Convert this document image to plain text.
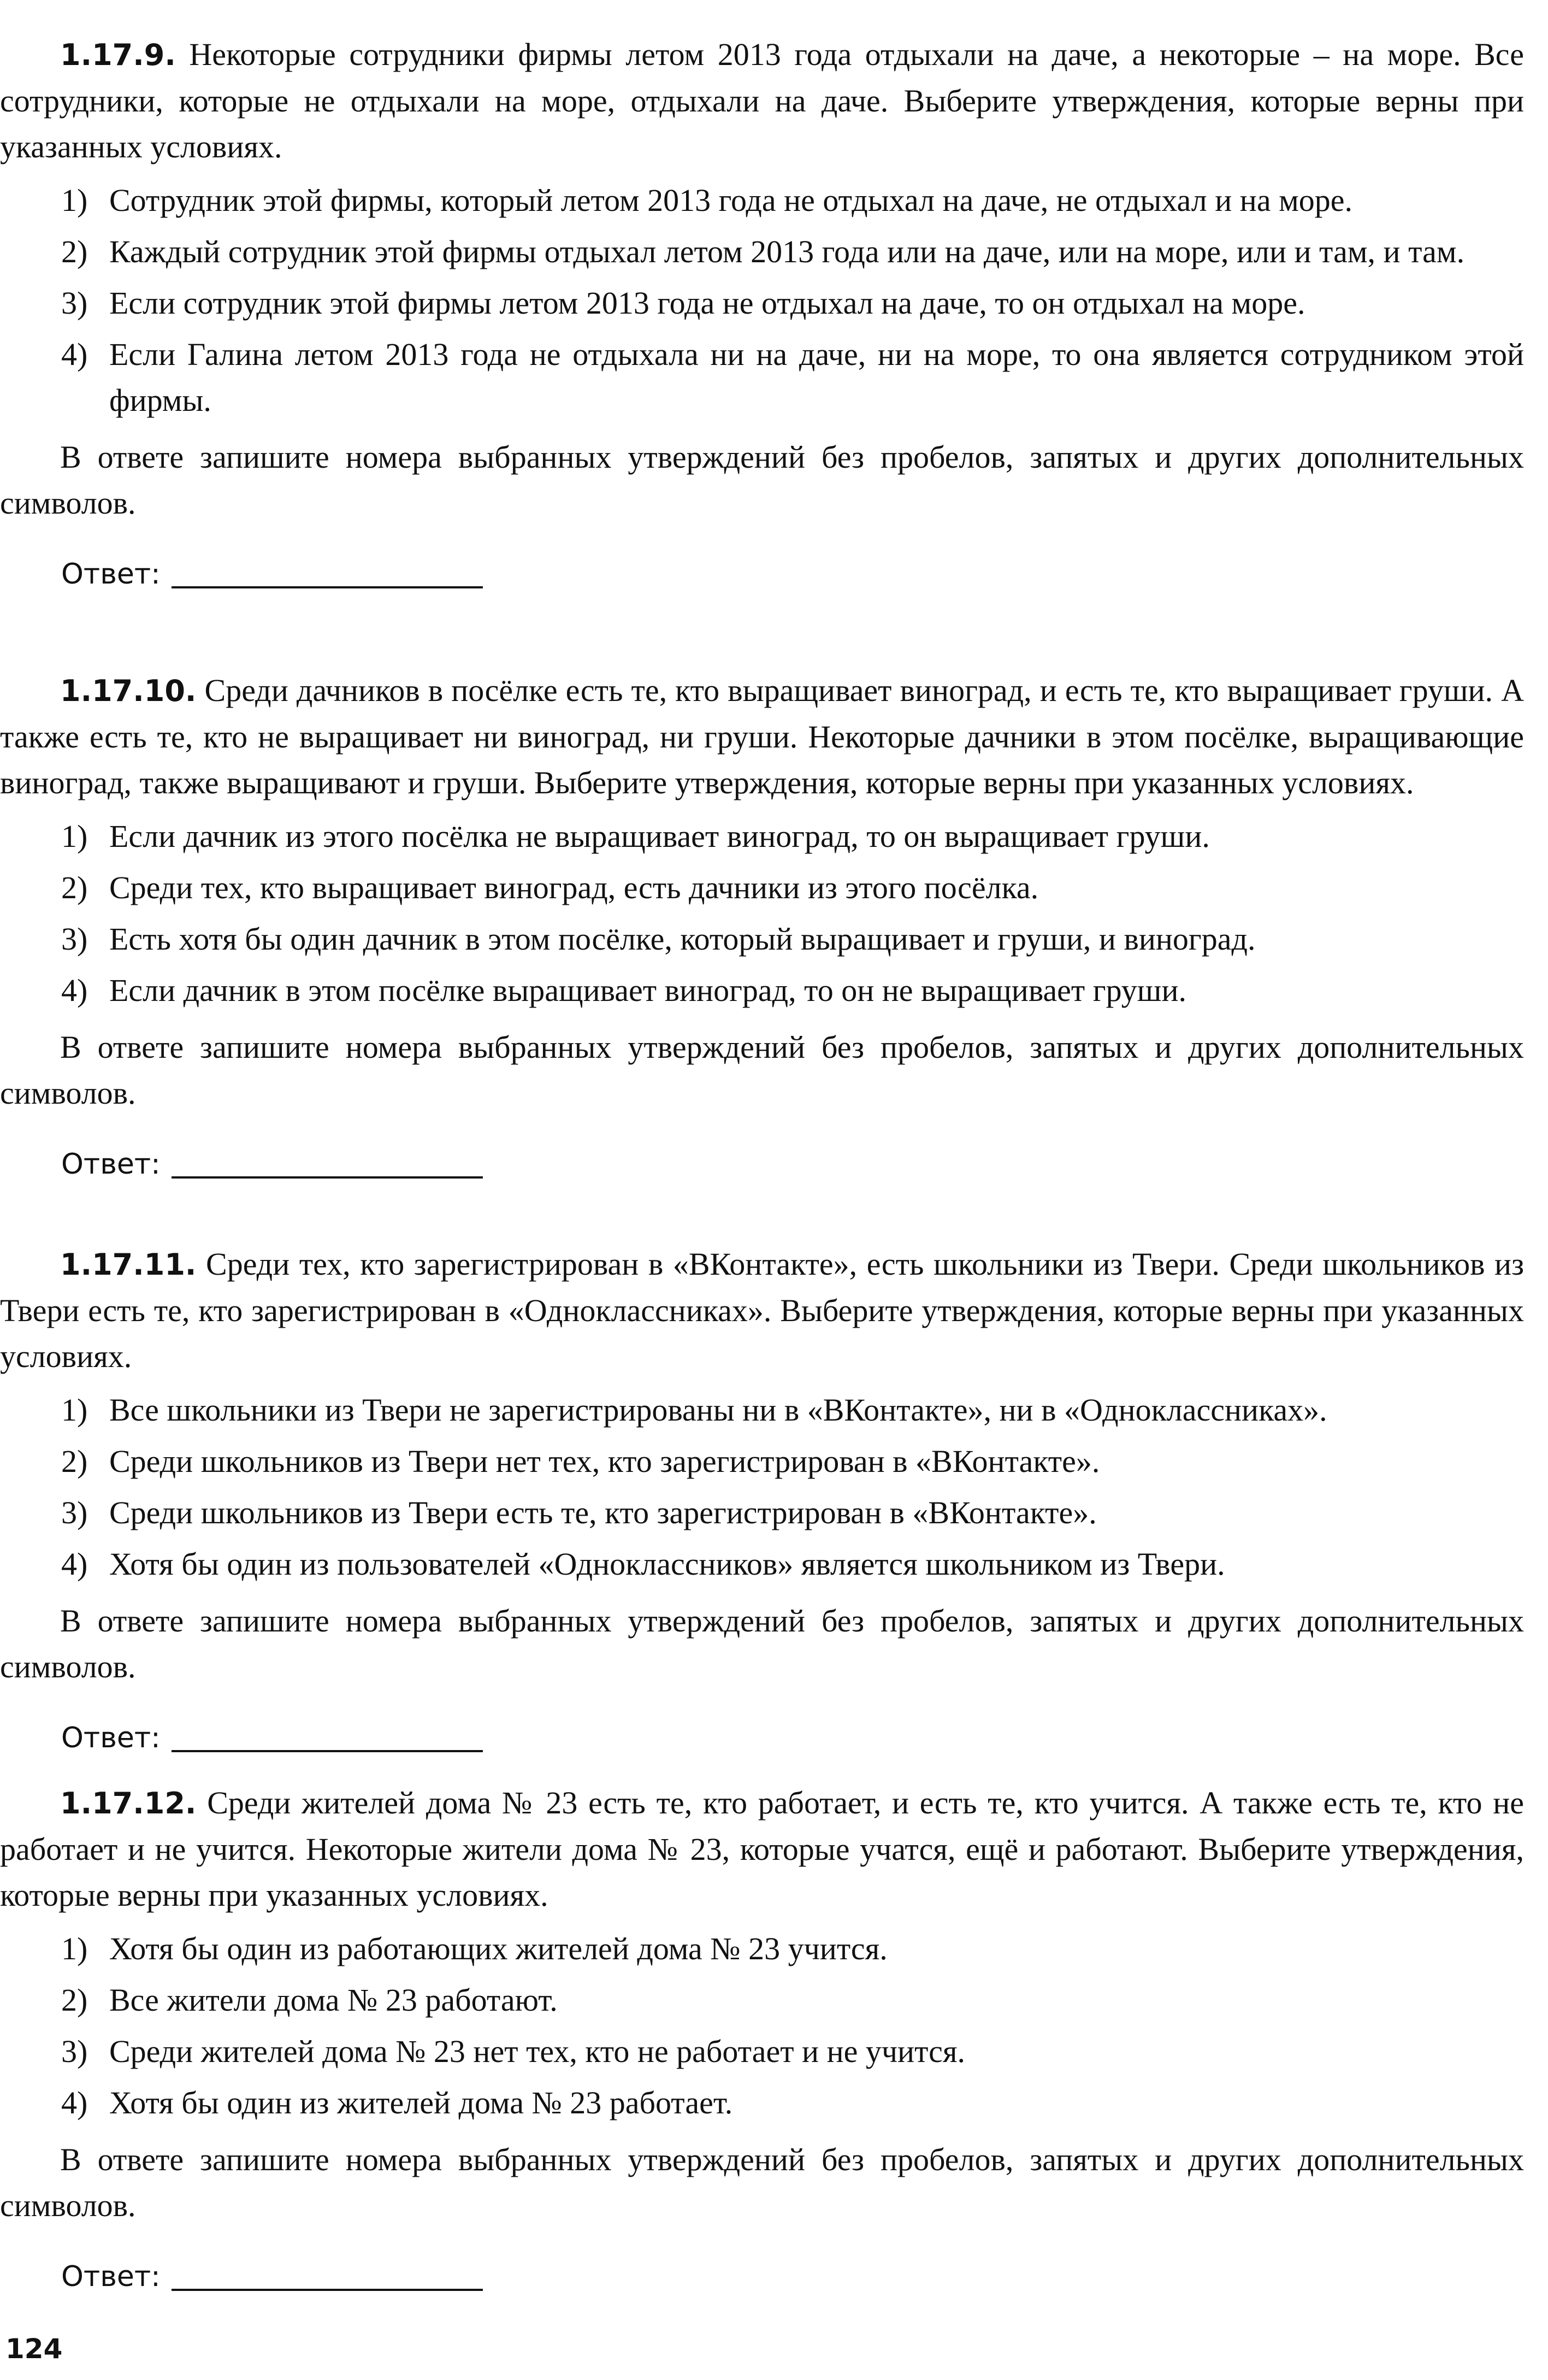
1.17.9. Некоторые сотрудники фирмы летом 2013 года отдыхали на даче, а некоторые – на море. Все сотрудники, которые не отдыхали на море, отдыхали на даче. Выберите утверждения, которые верны при указанных условиях.

1) Сотрудник этой фирмы, который летом 2013 года не отдыхал на даче, не отдыхал и на море.
2) Каждый сотрудник этой фирмы отдыхал летом 2013 года или на даче, или на море, или и там, и там.
3) Если сотрудник этой фирмы летом 2013 года не отдыхал на даче, то он отдыхал на море.
4) Если Галина летом 2013 года не отдыхала ни на даче, ни на море, то она является сотрудником этой фирмы.

В ответе запишите номера выбранных утверждений без пробелов, запятых и других дополнительных символов.

Ответ:

1.17.10. Среди дачников в посёлке есть те, кто выращивает виноград, и есть те, кто выращивает груши. А также есть те, кто не выращивает ни виноград, ни груши. Некоторые дачники в этом посёлке, выращивающие виноград, также выращивают и груши. Выберите утверждения, которые верны при указанных условиях.

1) Если дачник из этого посёлка не выращивает виноград, то он выращивает груши.
2) Среди тех, кто выращивает виноград, есть дачники из этого посёлка.
3) Есть хотя бы один дачник в этом посёлке, который выращивает и груши, и виноград.
4) Если дачник в этом посёлке выращивает виноград, то он не выращивает груши.

В ответе запишите номера выбранных утверждений без пробелов, запятых и других дополнительных символов.

Ответ:

1.17.11. Среди тех, кто зарегистрирован в «ВКонтакте», есть школьники из Твери. Среди школьников из Твери есть те, кто зарегистрирован в «Одноклассниках». Выберите утверждения, которые верны при указанных условиях.

1) Все школьники из Твери не зарегистрированы ни в «ВКонтакте», ни в «Одноклассниках».
2) Среди школьников из Твери нет тех, кто зарегистрирован в «ВКонтакте».
3) Среди школьников из Твери есть те, кто зарегистрирован в «ВКонтакте».
4) Хотя бы один из пользователей «Одноклассников» является школьником из Твери.

В ответе запишите номера выбранных утверждений без пробелов, запятых и других дополнительных символов.

Ответ:

1.17.12. Среди жителей дома № 23 есть те, кто работает, и есть те, кто учится. А также есть те, кто не работает и не учится. Некоторые жители дома № 23, которые учатся, ещё и работают. Выберите утверждения, которые верны при указанных условиях.

1) Хотя бы один из работающих жителей дома № 23 учится.
2) Все жители дома № 23 работают.
3) Среди жителей дома № 23 нет тех, кто не работает и не учится.
4) Хотя бы один из жителей дома № 23 работает.

В ответе запишите номера выбранных утверждений без пробелов, запятых и других дополнительных символов.

Ответ:
124
